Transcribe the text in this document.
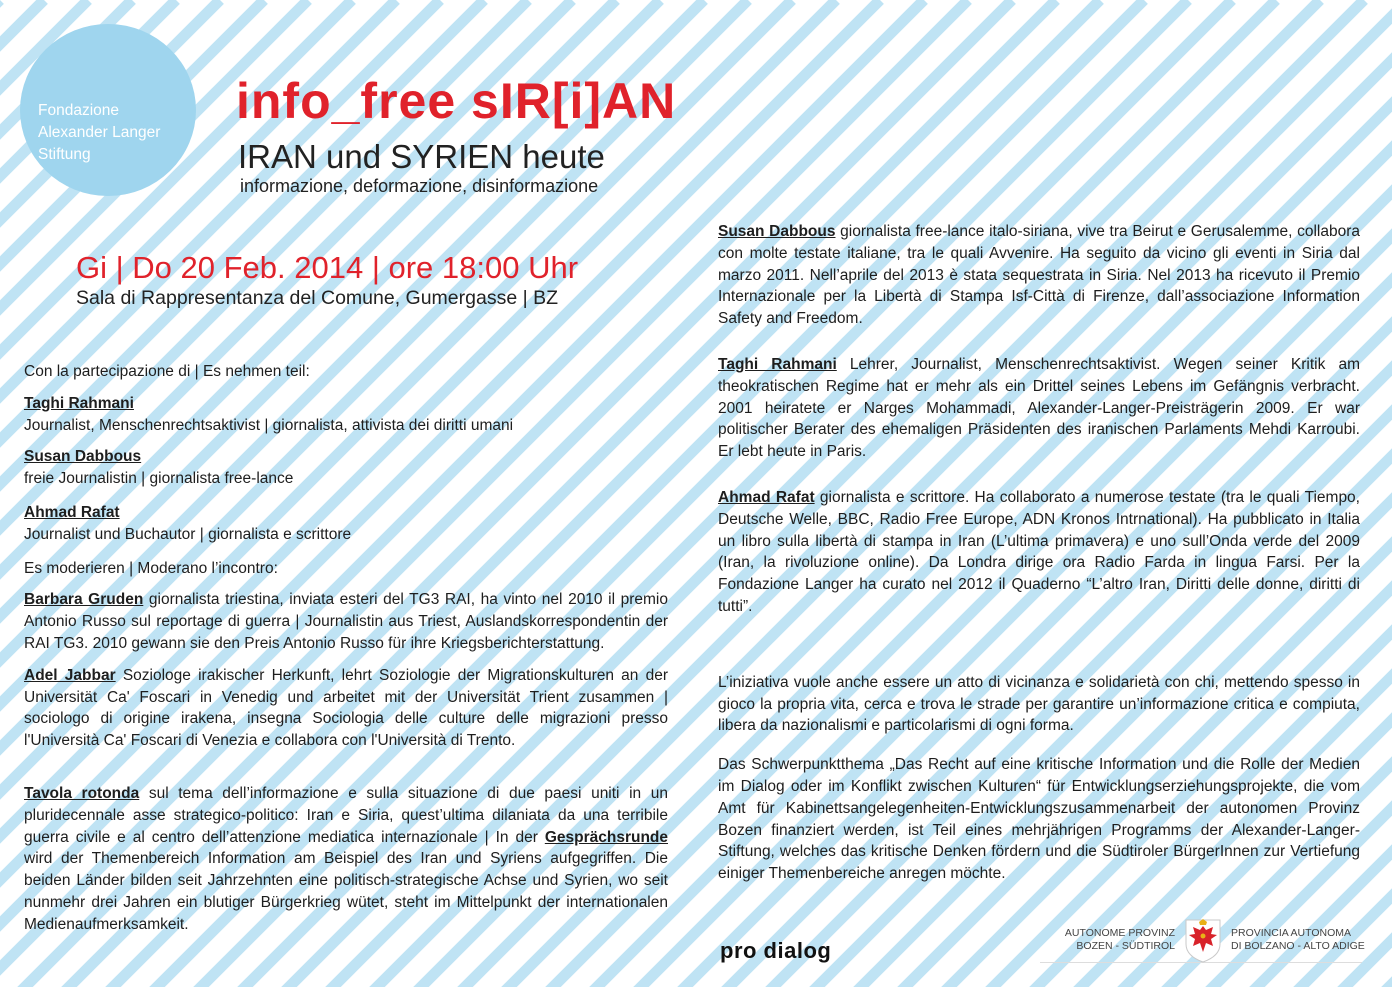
Fondazione
Alexander Langer
Stiftung
info_free sIR[i]AN
IRAN und SYRIEN heute
informazione, deformazione, disinformazione
Gi | Do 20 Feb. 2014 | ore 18:00 Uhr
Sala di Rappresentanza del Comune, Gumergasse | BZ

Con la partecipazione di | Es nehmen teil:

Taghi Rahmani

Journalist, Menschenrechtsaktivist | giornalista, attivista dei diritti umani

Susan Dabbous

freie Journalistin | giornalista free-lance

Ahmad Rafat

Journalist und Buchautor | giornalista e scrittore

Es moderieren | Moderano l’incontro:

Barbara Gruden giornalista triestina, inviata esteri del TG3 RAI, ha vinto nel 2010 il premio Antonio Russo sul reportage di guerra | Journalistin aus Triest, Auslandskorrespondentin der RAI TG3. 2010 gewann sie den Preis Antonio Russo für ihre Kriegsberichterstattung.

Adel Jabbar Soziologe irakischer Herkunft, lehrt Soziologie der Migrationskulturen an der Universität Ca' Foscari in Venedig und arbeitet mit der Universität Trient zusammen | sociologo di origine irakena, insegna Sociologia delle culture delle migrazioni presso l'Università Ca' Foscari di Venezia e collabora con l'Università di Trento.

Tavola rotonda sul tema dell’informazione e sulla situazione di due paesi uniti in un pluridecennale asse strategico-politico: Iran e Siria, quest’ultima dilaniata da una terribile guerra civile e al centro dell’attenzione mediatica internazionale | In der Gesprächsrunde wird der Themenbereich Information am Beispiel des Iran und Syriens aufgegriffen. Die beiden Länder bilden seit Jahrzehnten eine politisch-strategische Achse und Syrien, wo seit nunmehr drei Jahren ein blutiger Bürgerkrieg wütet, steht im Mittelpunkt der internationalen Medienaufmerksamkeit.

Susan Dabbous giornalista free-lance italo-siriana, vive tra Beirut e Gerusalemme, collabora con molte testate italiane, tra le quali Avvenire. Ha seguito da vicino gli eventi in Siria dal marzo 2011. Nell’aprile del 2013 è stata sequestrata in Siria. Nel 2013 ha ricevuto il Premio Internazionale per la Libertà di Stampa Isf-Città di Firenze, dall’associazione Information Safety and Freedom.

Taghi Rahmani Lehrer, Journalist, Menschenrechtsaktivist. Wegen seiner Kritik am theokratischen Regime hat er mehr als ein Drittel seines Lebens im Gefängnis verbracht. 2001 heiratete er Narges Mohammadi, Alexander-Langer-Preisträgerin 2009. Er war politischer Berater des ehemaligen Präsidenten des iranischen Parlaments Mehdi Karroubi. Er lebt heute in Paris.

Ahmad Rafat giornalista e scrittore. Ha collaborato a numerose testate (tra le quali Tiempo, Deutsche Welle, BBC, Radio Free Europe, ADN Kronos Intrnational). Ha pubblicato in Italia un libro sulla libertà di stampa in Iran (L’ultima primavera) e uno sull’Onda verde del 2009 (Iran, la rivoluzione online). Da Londra dirige ora Radio Farda in lingua Farsi. Per la Fondazione Langer ha curato nel 2012 il Quaderno “L’altro Iran, Diritti delle donne, diritti di tutti”.

L’iniziativa vuole anche essere un atto di vicinanza e solidarietà con chi, mettendo spesso in gioco la propria vita, cerca e trova le strade per garantire un’informazione critica e compiuta, libera da nazionalismi e particolarismi di ogni forma.

Das Schwerpunktthema „Das Recht auf eine kritische Information und die Rolle der Medien im Dialog oder im Konflikt zwischen Kulturen“ für Entwicklungserziehungsprojekte, die vom Amt für Kabinettsangelegenheiten-Entwicklungszusammenarbeit der autonomen Provinz Bozen finanziert werden, ist Teil eines mehrjährigen Programms der Alexander-Langer-Stiftung, welches das kritische Denken fördern und die Südtiroler BürgerInnen zur Vertiefung einiger Themenbereiche anregen möchte.

pro dialog
AUTONOME PROVINZ
BOZEN - SÜDTIROL
PROVINCIA AUTONOMA
DI BOLZANO - ALTO ADIGE
